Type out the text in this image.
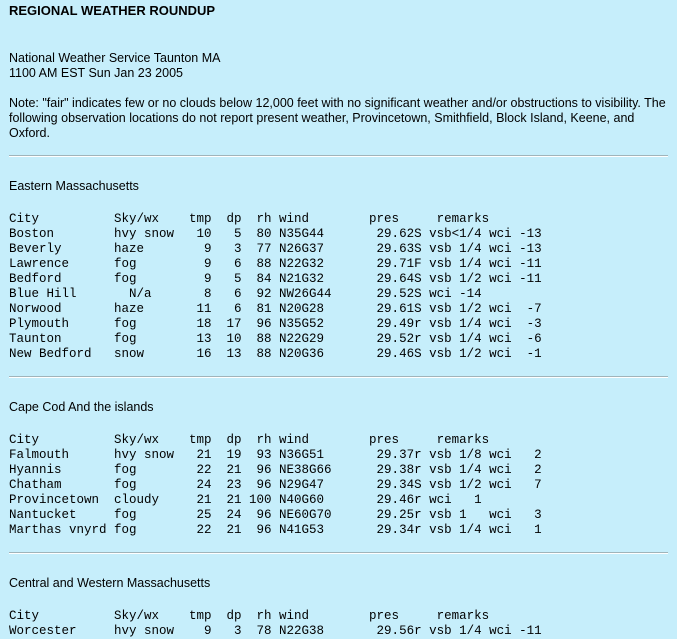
REGIONAL WEATHER ROUNDUP

National Weather Service Taunton MA

1100 AM EST Sun Jan 23 2005

Note: "fair" indicates few or no clouds below 12,000 feet with no significant weather and/or obstructions to visibility. The following observation locations do not report present weather, Provincetown, Smithfield, Block Island, Keene, and Oxford.

Eastern Massachusetts

City          Sky/wx    tmp  dp  rh wind        pres     remarks
Boston        hvy snow   10   5  80 N35G44       29.62S vsb<1/4 wci -13
Beverly       haze        9   3  77 N26G37       29.63S vsb 1/4 wci -13
Lawrence      fog         9   6  88 N22G32       29.71F vsb 1/4 wci -11
Bedford       fog         9   5  84 N21G32       29.64S vsb 1/2 wci -11
Blue Hill       N/a       8   6  92 NW26G44      29.52S wci -14
Norwood       haze       11   6  81 N20G28       29.61S vsb 1/2 wci  -7
Plymouth      fog        18  17  96 N35G52       29.49r vsb 1/4 wci  -3
Taunton       fog        13  10  88 N22G29       29.52r vsb 1/4 wci  -6
New Bedford   snow       16  13  88 N20G36       29.46S vsb 1/2 wci  -1

Cape Cod And the islands

City          Sky/wx    tmp  dp  rh wind        pres     remarks
Falmouth      hvy snow   21  19  93 N36G51       29.37r vsb 1/8 wci   2
Hyannis       fog        22  21  96 NE38G66      29.38r vsb 1/4 wci   2
Chatham       fog        24  23  96 N29G47       29.34S vsb 1/2 wci   7
Provincetown  cloudy     21  21 100 N40G60       29.46r wci   1
Nantucket     fog        25  24  96 NE60G70      29.25r vsb 1   wci   3
Marthas vnyrd fog        22  21  96 N41G53       29.34r vsb 1/4 wci   1

Central and Western Massachusetts

City          Sky/wx    tmp  dp  rh wind        pres     remarks
Worcester     hvy snow    9   3  78 N22G38       29.56r vsb 1/4 wci -11
